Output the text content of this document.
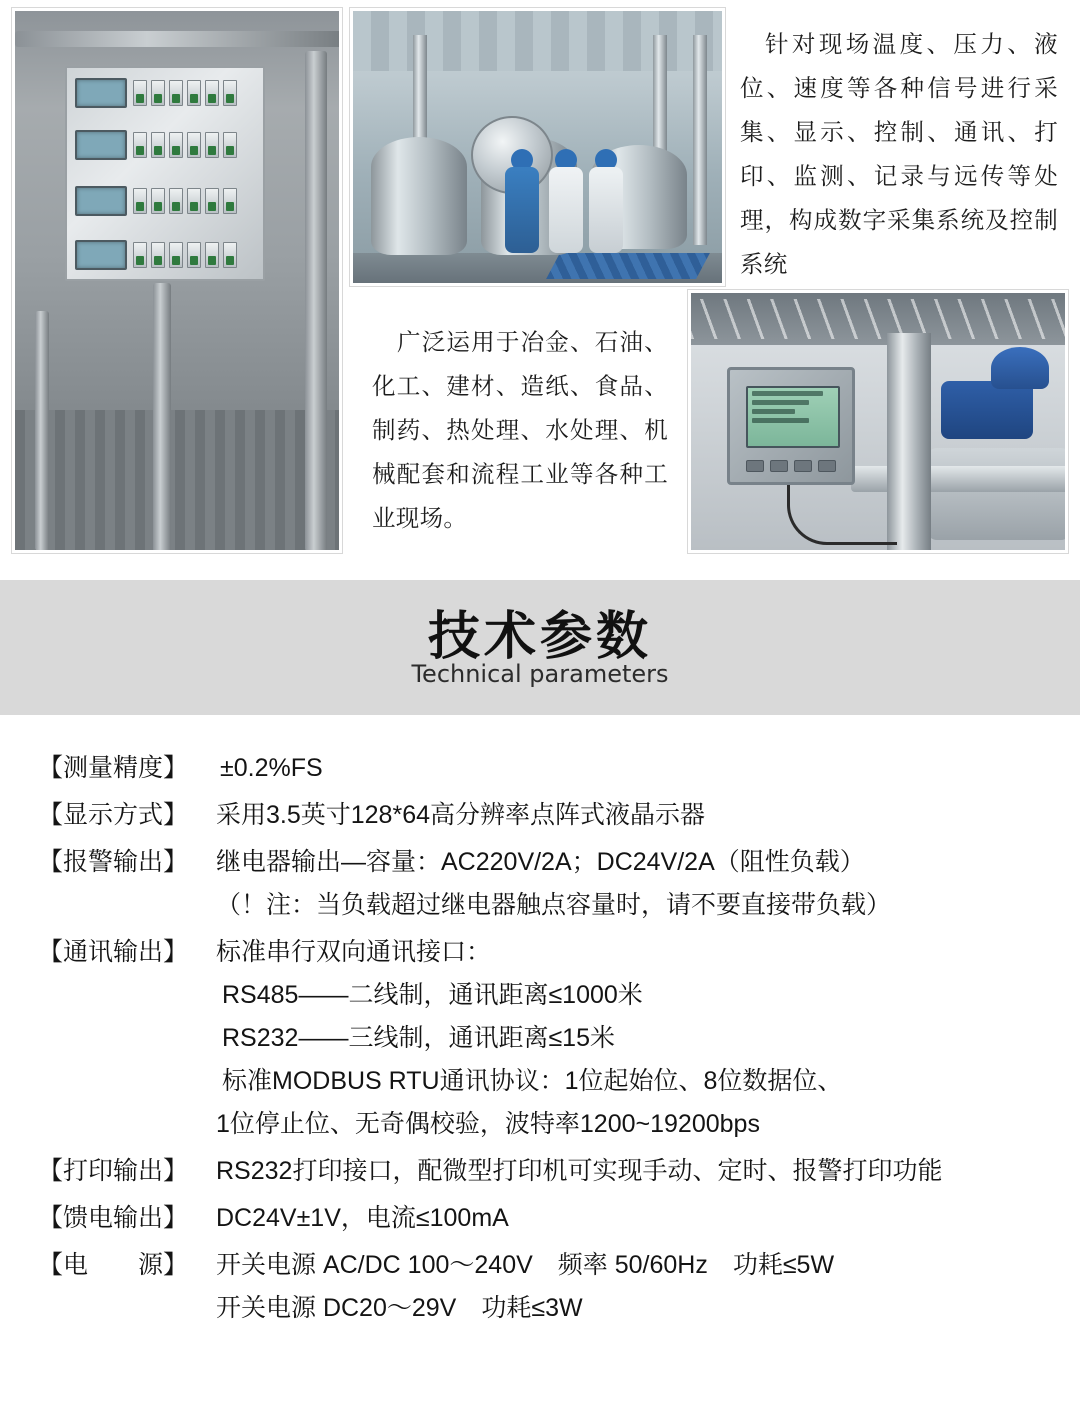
针对现场温度、压力、液位、速度等各种信号进行采集、显示、控制、通讯、打印、监测、记录与远传等处理，构成数字采集系统及控制系统
广泛运用于冶金、石油、化工、建材、造纸、食品、制药、热处理、水处理、机械配套和流程工业等各种工业现场。
技术参数
Technical parameters
【测量精度】	±0.2%FS
【显示方式】	采用3.5英寸128*64高分辨率点阵式液晶示器
【报警输出】	继电器输出—容量：AC220V/2A；DC24V/2A（阻性负载）
（！注：当负载超过继电器触点容量时，请不要直接带负载）
【通讯输出】	标准串行双向通讯接口：
RS485——二线制，通讯距离≤1000米
RS232——三线制，通讯距离≤15米
标准MODBUS RTU通讯协议：1位起始位、8位数据位、
1位停止位、无奇偶校验，波特率1200~19200bps
【打印输出】	RS232打印接口，配微型打印机可实现手动、定时、报警打印功能
【馈电输出】	DC24V±1V，电流≤100mA
【电　　源】	开关电源 AC/DC 100～240V　频率 50/60Hz　功耗≤5W
开关电源 DC20～29V　功耗≤3W
